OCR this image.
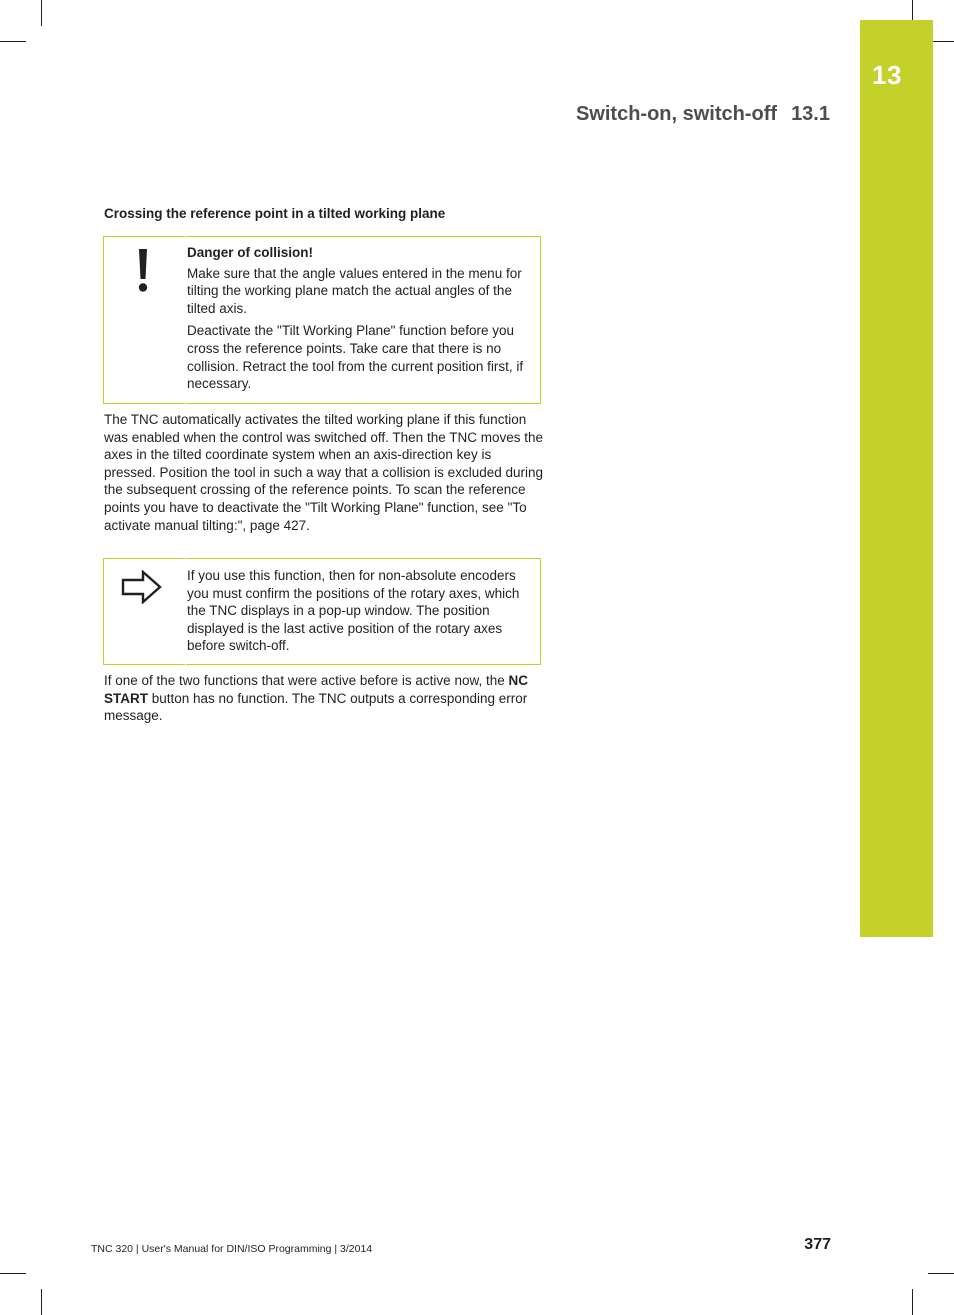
13
Switch-on, switch-off 13.1
Crossing the reference point in a tilted working plane

Danger of collision!

Make sure that the angle values entered in the menu for tilting the working plane match the actual angles of the tilted axis.

Deactivate the "Tilt Working Plane" function before you cross the reference points. Take care that there is no collision. Retract the tool from the current position first, if necessary.

The TNC automatically activates the tilted working plane if this function was enabled when the control was switched off. Then the TNC moves the axes in the tilted coordinate system when an axis-direction key is pressed. Position the tool in such a way that a collision is excluded during the subsequent crossing of the reference points. To scan the reference points you have to deactivate the "Tilt Working Plane" function, see "To activate manual tilting:", page 427.

If you use this function, then for non-absolute encoders you must confirm the positions of the rotary axes, which the TNC displays in a pop-up window. The position displayed is the last active position of the rotary axes before switch-off.

If one of the two functions that were active before is active now, the NC START button has no function. The TNC outputs a corresponding error message.

TNC 320 | User's Manual for DIN/ISO Programming | 3/2014	377
